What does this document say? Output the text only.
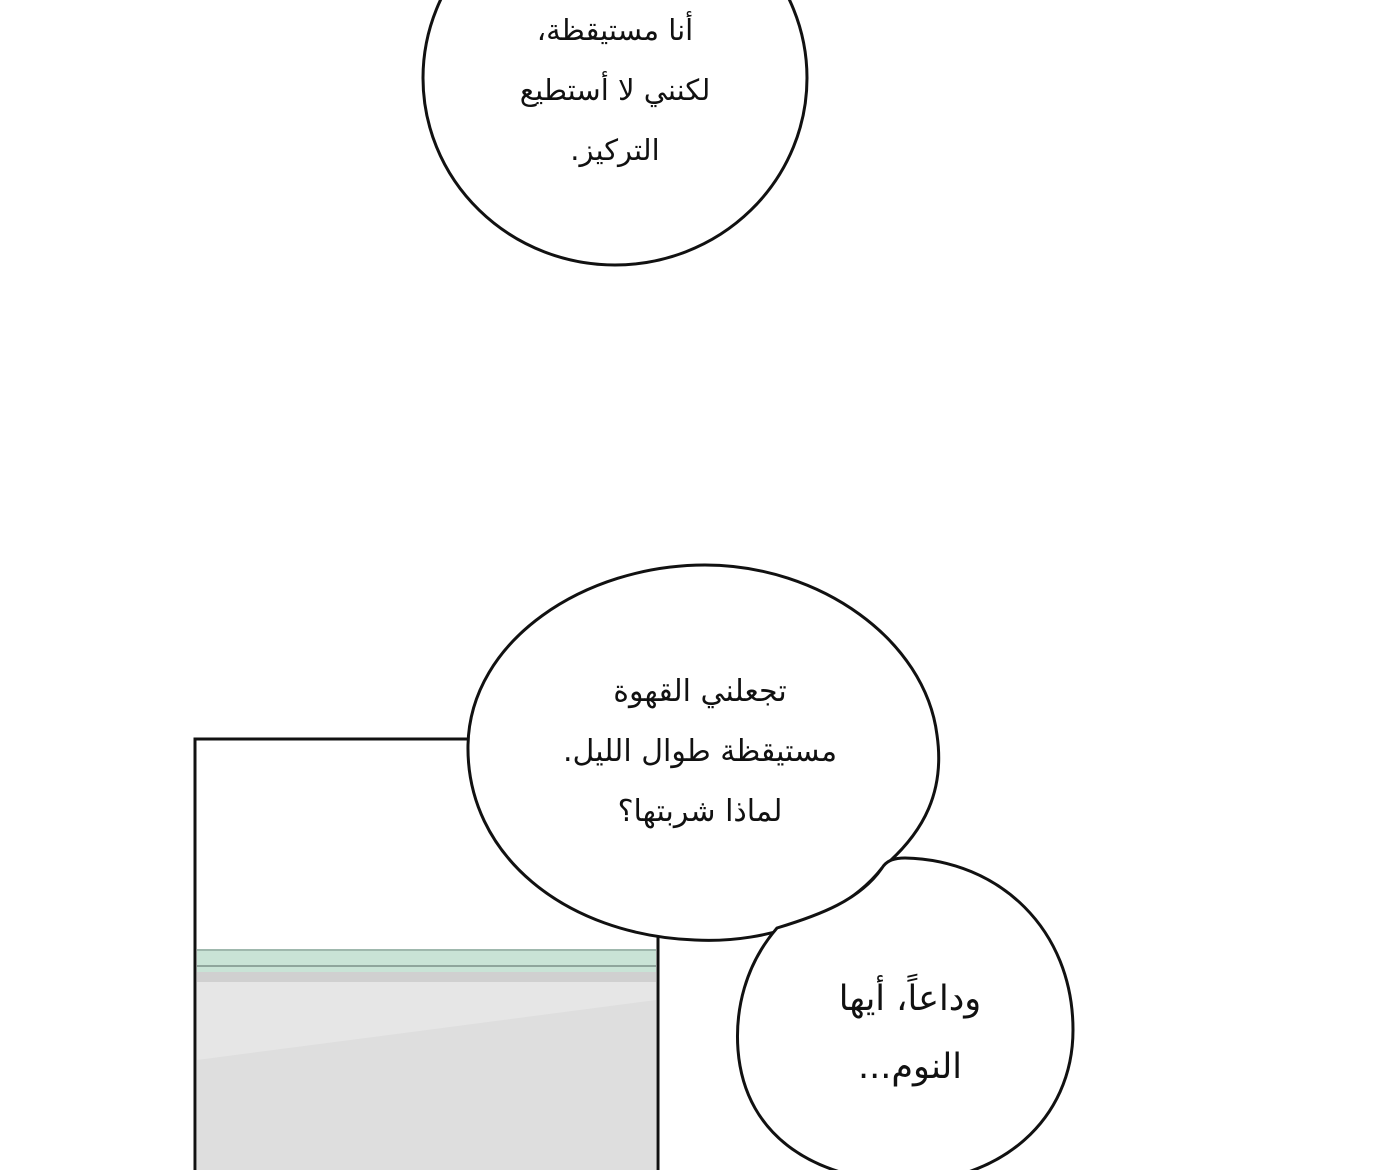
أنا مستيقظة،
لكنني لا أستطيع
التركيز.
تجعلني القهوة
مستيقظة طوال الليل.
لماذا شربتها؟
وداعاً، أيها
النوم...
